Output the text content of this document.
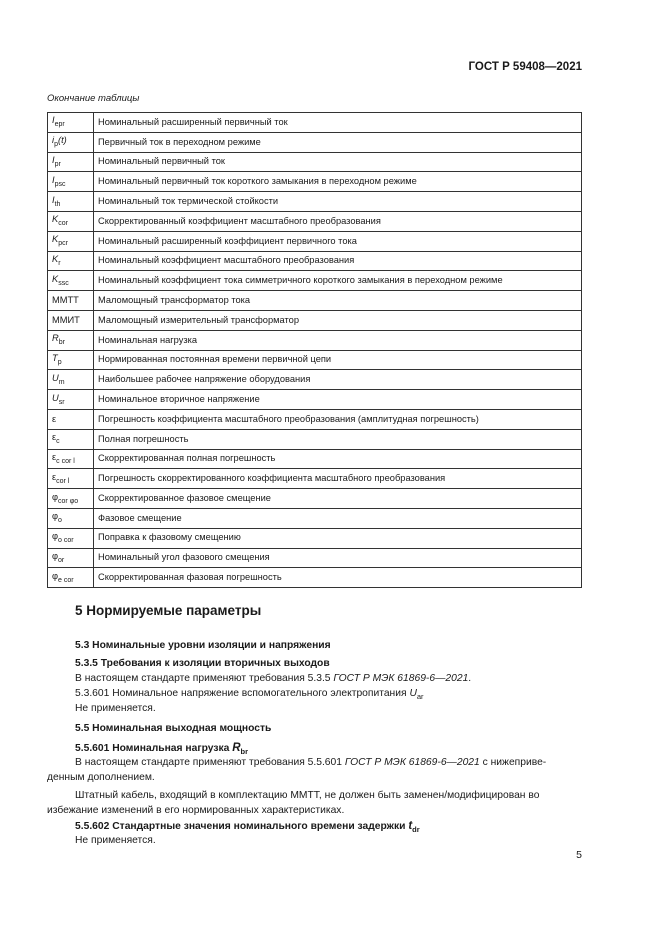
ГОСТ Р 59408—2021
Окончание таблицы
$I_{epr}$	Номинальный расширенный первичный ток
$i_p(t)$	Первичный ток в переходном режиме
$I_{pr}$	Номинальный первичный ток
$I_{psc}$	Номинальный первичный ток короткого замыкания в переходном режиме
$I_{th}$	Номинальный ток термической стойкости
$K_{cor}$	Скорректированный коэффициент масштабного преобразования
$K_{pcr}$	Номинальный расширенный коэффициент первичного тока
$K_r$	Номинальный коэффициент масштабного преобразования
$K_{ssc}$	Номинальный коэффициент тока симметричного короткого замыкания в переходном режиме
ММТТ	Маломощный трансформатор тока
ММИТ	Маломощный измерительный трансформатор
$R_{br}$	Номинальная нагрузка
$T_p$	Нормированная постоянная времени первичной цепи
$U_m$	Наибольшее рабочее напряжение оборудования
$U_{sr}$	Номинальное вторичное напряжение
ε	Погрешность коэффициента масштабного преобразования (амплитудная погрешность)
$\varepsilon_c$	Полная погрешность
$\varepsilon_{c cor l}$	Скорректированная полная погрешность
$\varepsilon_{cor l}$	Погрешность скорректированного коэффициента масштабного преобразования
$\varphi_{cor \varphi o}$	Скорректированное фазовое смещение
$\varphi_o$	Фазовое смещение
$\varphi_{o cor}$	Поправка к фазовому смещению
$\varphi_{or}$	Номинальный угол фазового смещения
$\varphi_{e cor}$	Скорректированная фазовая погрешность
5 Нормируемые параметры
5.3 Номинальные уровни изоляции и напряжения
5.3.5 Требования к изоляции вторичных выходов
В настоящем стандарте применяют требования 5.3.5 ГОСТ Р МЭК 61869-6—2021.
5.3.601 Номинальное напряжение вспомогательного электропитания $U_{ar}$
Не применяется.
5.5 Номинальная выходная мощность
5.5.601 Номинальная нагрузка $R_{br}$
В настоящем стандарте применяют требования 5.5.601 ГОСТ Р МЭК 61869-6—2021 с нижеприве-
денным дополнением.
Штатный кабель, входящий в комплектацию ММТТ, не должен быть заменен/модифицирован во
избежание изменений в его нормированных характеристиках.
5.5.602 Стандартные значения номинального времени задержки $t_{dr}$
Не применяется.
5
